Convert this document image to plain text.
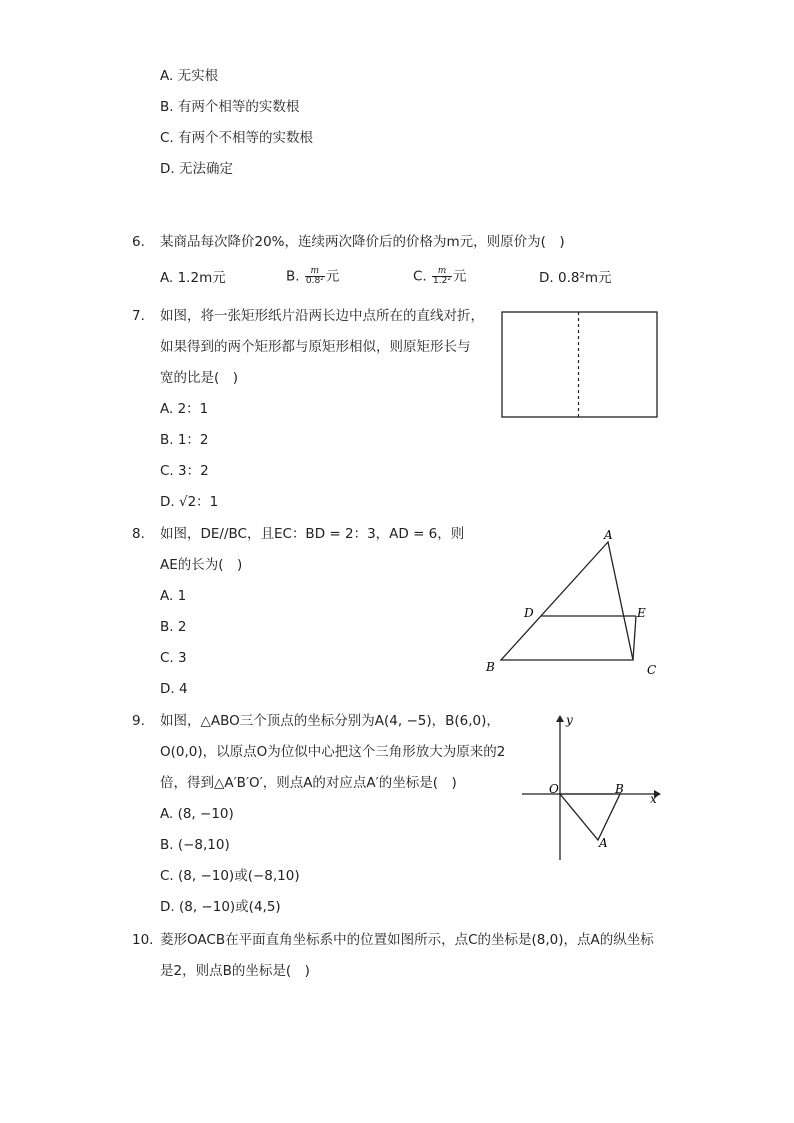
A. 无实根
B. 有两个相等的实数根
C. 有两个不相等的实数根
D. 无法确定
6. 某商品每次降价20%，连续两次降价后的价格为m元，则原价为(　)
A. 1.2m元	B. $\frac{m}{\text{0.8²}}$ 元	C. $\frac{m}{\text{1.2²}}$ 元	D. 0.8²m元
7. 如图，将一张矩形纸片沿两长边中点所在的直线对折，
如果得到的两个矩形都与原矩形相似，则原矩形长与
宽的比是(　)
A. 2：1
B. 1：2
C. 3：2
D. √2：1
8. 如图，DE//BC，且EC：BD = 2：3，AD = 6，则
AE的长为(　)
A. 1
B. 2
C. 3
D. 4
A
B	C
D	E
9. 如图，△ABO三个顶点的坐标分别为A(4, −5)，B(6,0)，
O(0,0)，以原点O为位似中心把这个三角形放大为原来的2
倍，得到△A′B′O′，则点A的对应点A′的坐标是(　)
A. (8, −10)
B. (−8,10)
C. (8, −10)或(−8,10)
D. (8, −10)或(4,5)
y
x
O	B
A
10. 菱形OACB在平面直角坐标系中的位置如图所示，点C的坐标是(8,0)，点A的纵坐标
是2，则点B的坐标是(　)
